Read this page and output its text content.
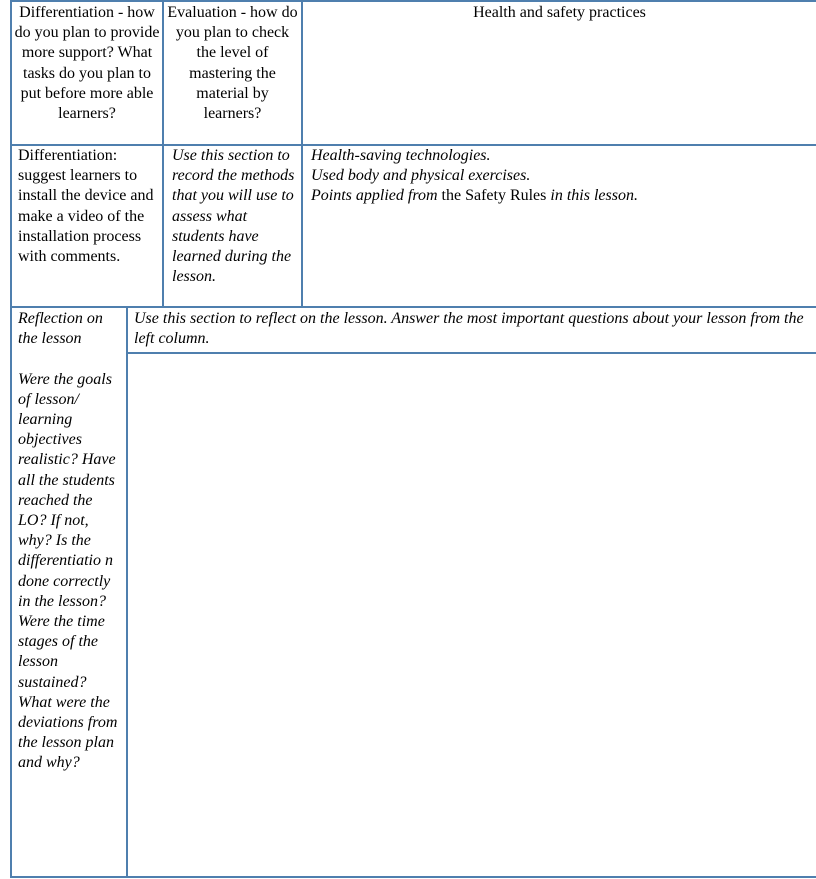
Differentiation - how do you plan to provide more support? What tasks do you plan to put before more able learners?
Evaluation - how do you plan to check the level of mastering the material by learners?
Health and safety practices
Differentiation: suggest learners to install the device and make a video of the installation process with comments.
Use this section to record the methods that you will use to assess what students have learned during the lesson.
Health-saving technologies.
Used body and physical exercises.
Points applied from the Safety Rules in this lesson.
Reflection on the lesson
Were the goals of lesson/ learning objectives realistic? Have all the students reached the LO? If not, why? Is the differentiatio n done correctly in the lesson? Were the time stages of the lesson sustained? What were the deviations from the lesson plan and why?
Use this section to reflect on the lesson. Answer the most important questions about your lesson from the left column.
